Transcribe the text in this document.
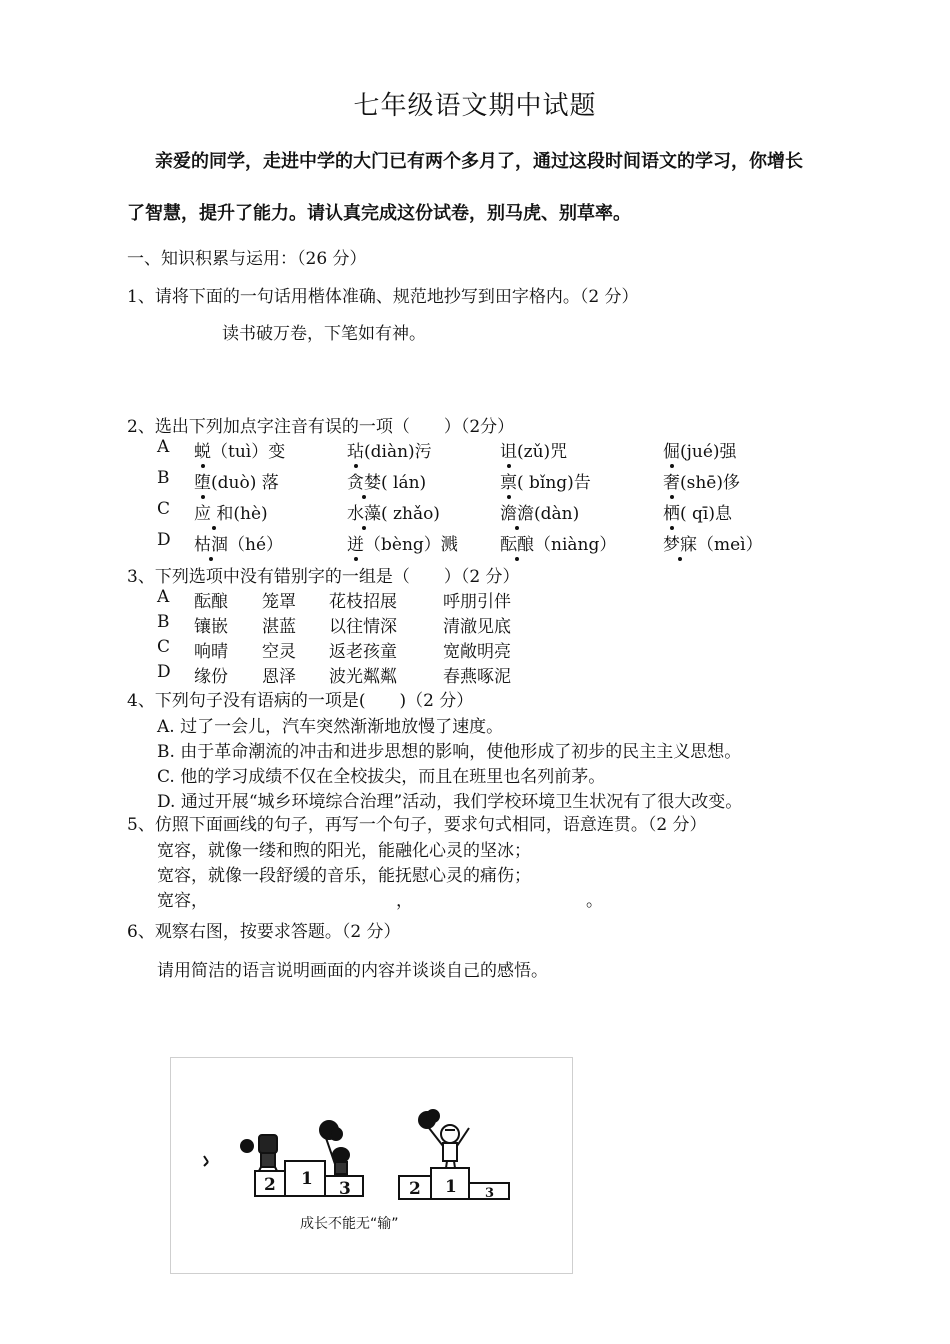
七年级语文期中试题
亲爱的同学，走进中学的大门已有两个多月了，通过这段时间语文的学习，你增长
了智慧，提升了能力。请认真完成这份试卷，别马虎、别草率。
一、知识积累与运用：（26 分）
1、请将下面的一句话用楷体准确、规范地抄写到田字格内。（2 分）
读书破万卷，下笔如有神。
2、选出下列加点字注音有误的一项（　　）（2分）
A 蜕（tuì）变	玷(diàn)污	诅(zǔ)咒	倔(jué)强
B 堕(duò) 落	贪婪( lán)	禀( bǐng)告	奢(shē)侈
C 应 和(hè)	水藻( zhǎo)	澹澹(dàn)	栖( qī)息
D 枯涸（hé）	迸（bèng）溅 酝酿（niàng）	梦寐（meì）
3、下列选项中没有错别字的一组是（　　）（2 分）
A 酝酿 笼罩 花枝招展	呼朋引伴
B 镶嵌 湛蓝 以往情深	清澈见底
C 响晴 空灵 返老孩童	宽敞明亮
D 缘份 恩泽 波光粼粼	春燕啄泥
4、下列句子没有语病的一项是(　　)（2 分）
A. 过了一会儿，汽车突然渐渐地放慢了速度。
B. 由于革命潮流的冲击和进步思想的影响，使他形成了初步的民主主义思想。
C. 他的学习成绩不仅在全校拔尖，而且在班里也名列前茅。
D. 通过开展“城乡环境综合治理”活动，我们学校环境卫生状况有了很大改变。
5、仿照下面画线的句子，再写一个句子，要求句式相同，语意连贯。（2 分）
宽容，就像一缕和煦的阳光，能融化心灵的坚冰；
宽容，就像一段舒缓的音乐，能抚慰心灵的痛伤；
宽容，	，	。
6、观察右图，按要求答题。（2 分）
请用简洁的语言说明画面的内容并谈谈自己的感悟。
2 1 3	2 1 3
成长不能无“输”
